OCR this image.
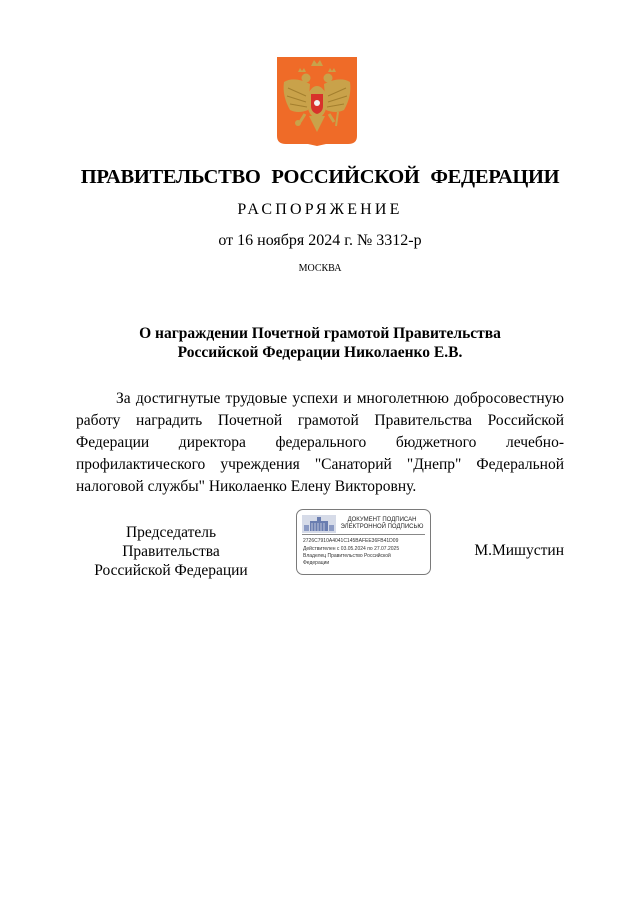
ПРАВИТЕЛЬСТВО РОССИЙСКОЙ ФЕДЕРАЦИИ
РАСПОРЯЖЕНИЕ
от 16 ноября 2024 г. № 3312-р
МОСКВА
О награждении Почетной грамотой Правительства
Российской Федерации Николаенко Е.В.

За достигнутые трудовые успехи и многолетнюю добросовестную работу наградить Почетной грамотой Правительства Российской Федерации директора федерального бюджетного лечебно-профилактического учреждения "Санаторий "Днепр" Федеральной налоговой службы" Николаенко Елену Викторовну.

Председатель Правительства
Российской Федерации
ДОКУМЕНТ ПОДПИСАН
ЭЛЕКТРОННОЙ ПОДПИСЬЮ
2726C7910A4041C145BAFEE36FB41D09
Действителен с 03.05.2024 по 27.07.2025
Владелец Правительство Российской
Федерации
М.Мишустин
